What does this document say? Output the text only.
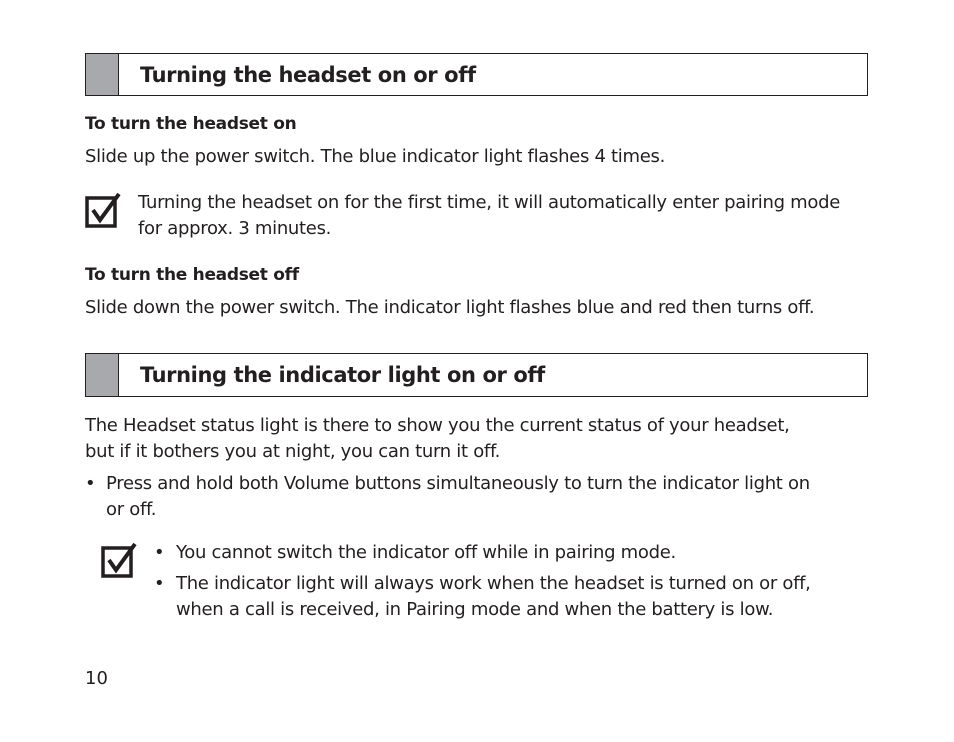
Turning the headset on or off
To turn the headset on
Slide up the power switch. The blue indicator light flashes 4 times.
Turning the headset on for the first time, it will automatically enter pairing mode
for approx. 3 minutes.
To turn the headset off
Slide down the power switch. The indicator light flashes blue and red then turns off.
Turning the indicator light on or off
The Headset status light is there to show you the current status of your headset,
but if it bothers you at night, you can turn it off.
• Press and hold both Volume buttons simultaneously to turn the indicator light on
or off.
• You cannot switch the indicator off while in pairing mode.
• The indicator light will always work when the headset is turned on or off,
when a call is received, in Pairing mode and when the battery is low.
10
